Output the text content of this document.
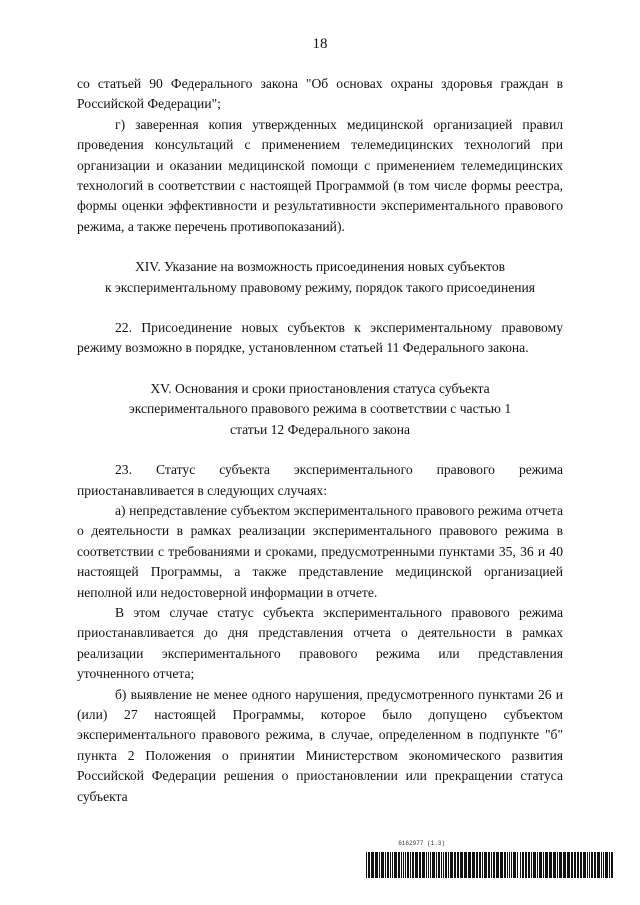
18

со статьей 90 Федерального закона "Об основах охраны здоровья граждан в Российской Федерации";

г) заверенная копия утвержденных медицинской организацией правил проведения консультаций с применением телемедицинских технологий при организации и оказании медицинской помощи с применением телемедицинских технологий в соответствии с настоящей Программой (в том числе формы реестра, формы оценки эффективности и результативности экспериментального правового режима, а также перечень противопоказаний).

XIV. Указание на возможность присоединения новых субъектов
к экспериментальному правовому режиму, порядок такого присоединения

22. Присоединение новых субъектов к экспериментальному правовому режиму возможно в порядке, установленном статьей 11 Федерального закона.

XV. Основания и сроки приостановления статуса субъекта
экспериментального правового режима в соответствии с частью 1
статьи 12 Федерального закона

23. Статус субъекта экспериментального правового режима приостанавливается в следующих случаях:

а) непредставление субъектом экспериментального правового режима отчета о деятельности в рамках реализации экспериментального правового режима в соответствии с требованиями и сроками, предусмотренными пунктами 35, 36 и 40 настоящей Программы, а также представление медицинской организацией неполной или недостоверной информации в отчете.

В этом случае статус субъекта экспериментального правового режима приостанавливается до дня представления отчета о деятельности в рамках реализации экспериментального правового режима или представления уточненного отчета;

б) выявление не менее одного нарушения, предусмотренного пунктами 26 и (или) 27 настоящей Программы, которое было допущено субъектом экспериментального правового режима, в случае, определенном в подпункте "б" пункта 2 Положения о принятии Министерством экономического развития Российской Федерации решения о приостановлении или прекращении статуса субъекта

6162977 (1.3)
